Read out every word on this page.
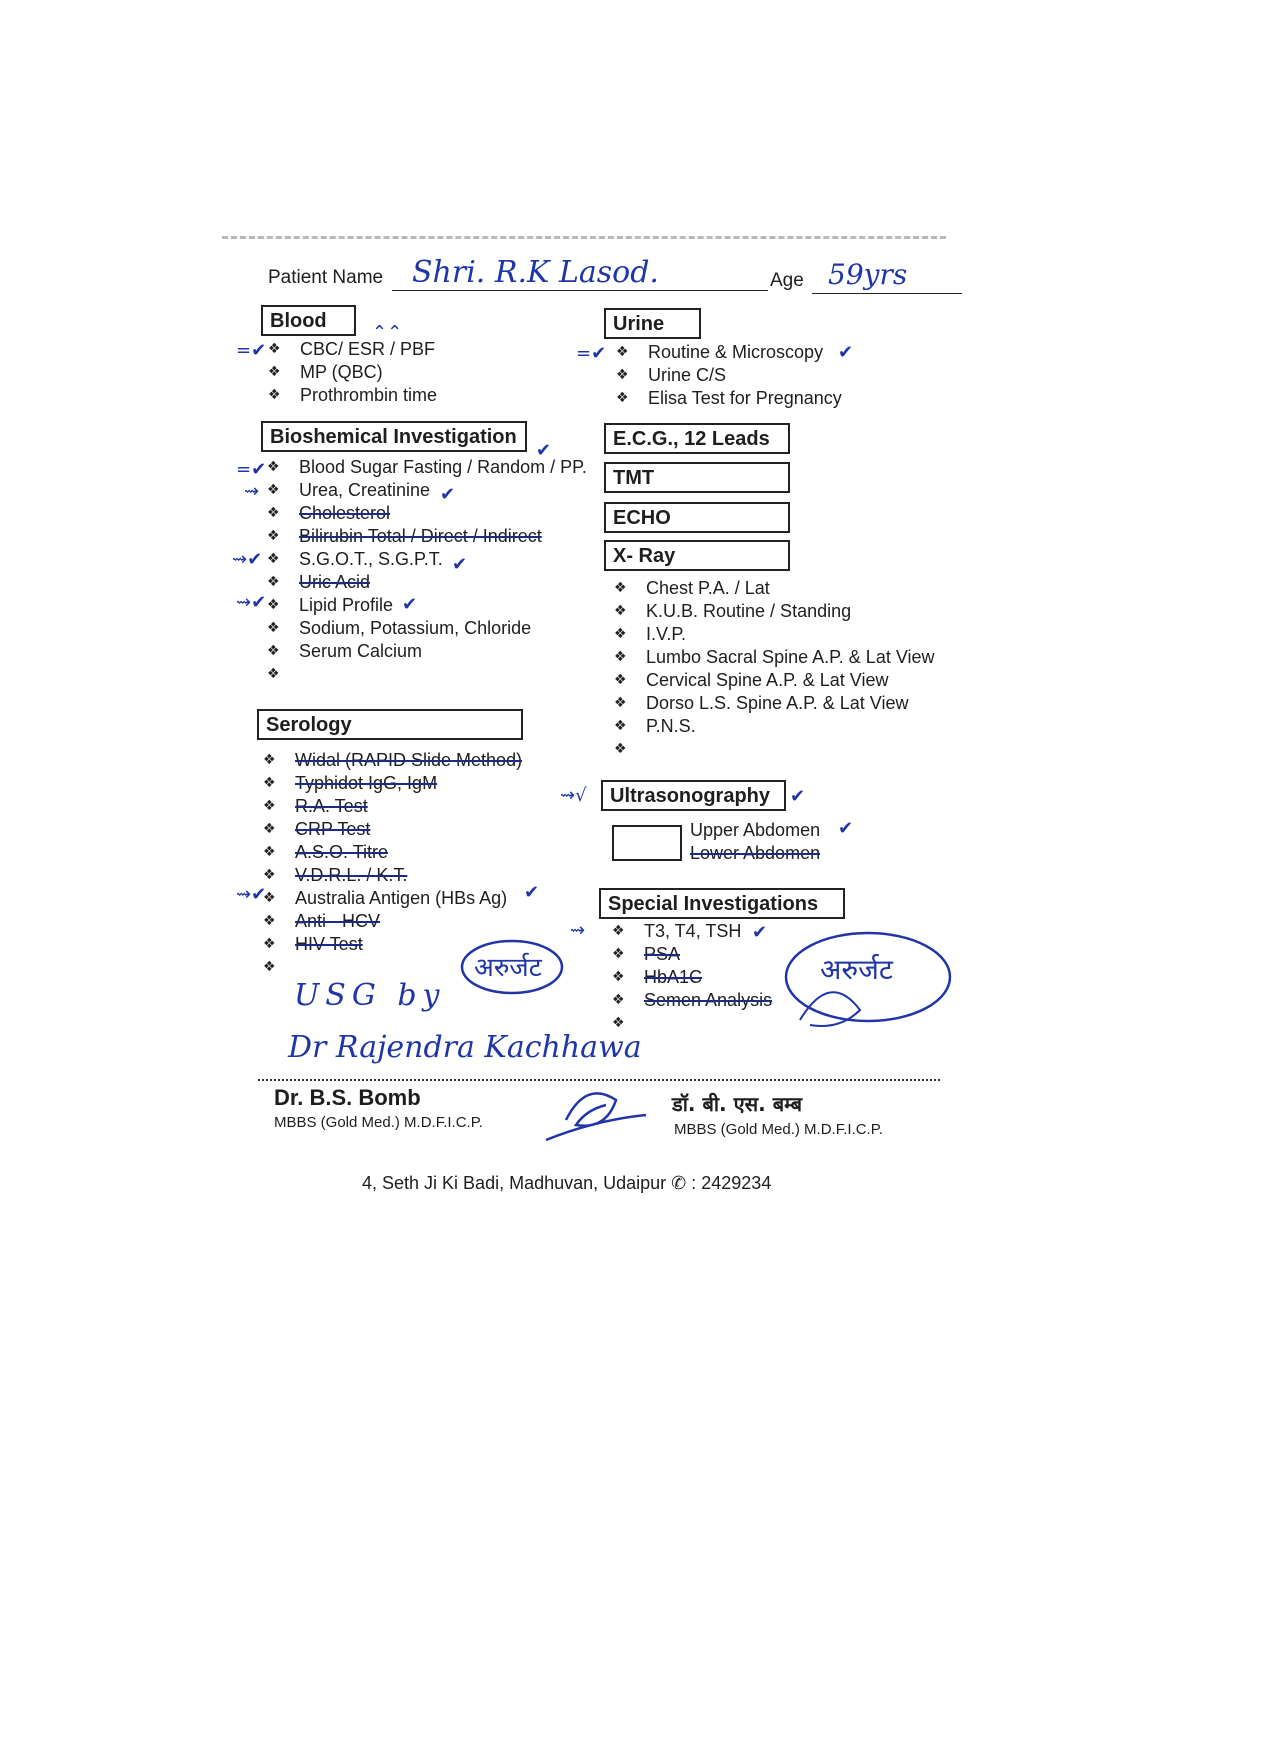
Patient Name Shri. R.K Lasod.	Age 59yrs
Blood
❖ CBC/ ESR / PBF
❖ MP (QBC)
❖ Prothrombin time
Bioshemical Investigation
❖ Blood Sugar Fasting / Random / PP.
❖ Urea, Creatinine
❖ Cholesterol
❖ Bilirubin Total / Direct / Indirect
❖ S.G.O.T., S.G.P.T.
❖ Uric Acid
❖ Lipid Profile
❖ Sodium, Potassium, Chloride
❖ Serum Calcium
❖
Serology
❖ Widal (RAPID Slide Method)
❖ Typhidot IgG, IgM
❖ R.A. Test
❖ CRP Test
❖ A.S.O. Titre
❖ V.D.R.L. / K.T.
❖ Australia Antigen (HBs Ag)
❖ Anti - HCV
❖ HIV Test
❖
Urine
❖ Routine & Microscopy
❖ Urine C/S
❖ Elisa Test for Pregnancy
E.C.G., 12 Leads
TMT
ECHO
X- Ray
❖ Chest P.A. / Lat
❖ K.U.B. Routine / Standing
❖ I.V.P.
❖ Lumbo Sacral Spine A.P. & Lat View
❖ Cervical Spine A.P. & Lat View
❖ Dorso L.S. Spine A.P. & Lat View
❖ P.N.S.
❖
Ultrasonography
Upper Abdomen
Lower Abdomen
Special Investigations
❖ T3, T4, TSH
❖ PSA
❖ HbA1C
❖ Semen Analysis
❖
=✔
⌃⌃
=✔	✔
=✔
✔
⇝	✔
⇝✔	✔
⇝✔	✔
⇝√	✔
✔
⇝✔	✔
⇝	✔
USG by
Dr Rajendra Kachhawa
अरुर्जट	अरुर्जट
Dr. B.S. Bomb
MBBS (Gold Med.) M.D.F.I.C.P.
डॉ. बी. एस. बम्ब
MBBS (Gold Med.) M.D.F.I.C.P.
4, Seth Ji Ki Badi, Madhuvan, Udaipur ✆ : 2429234
